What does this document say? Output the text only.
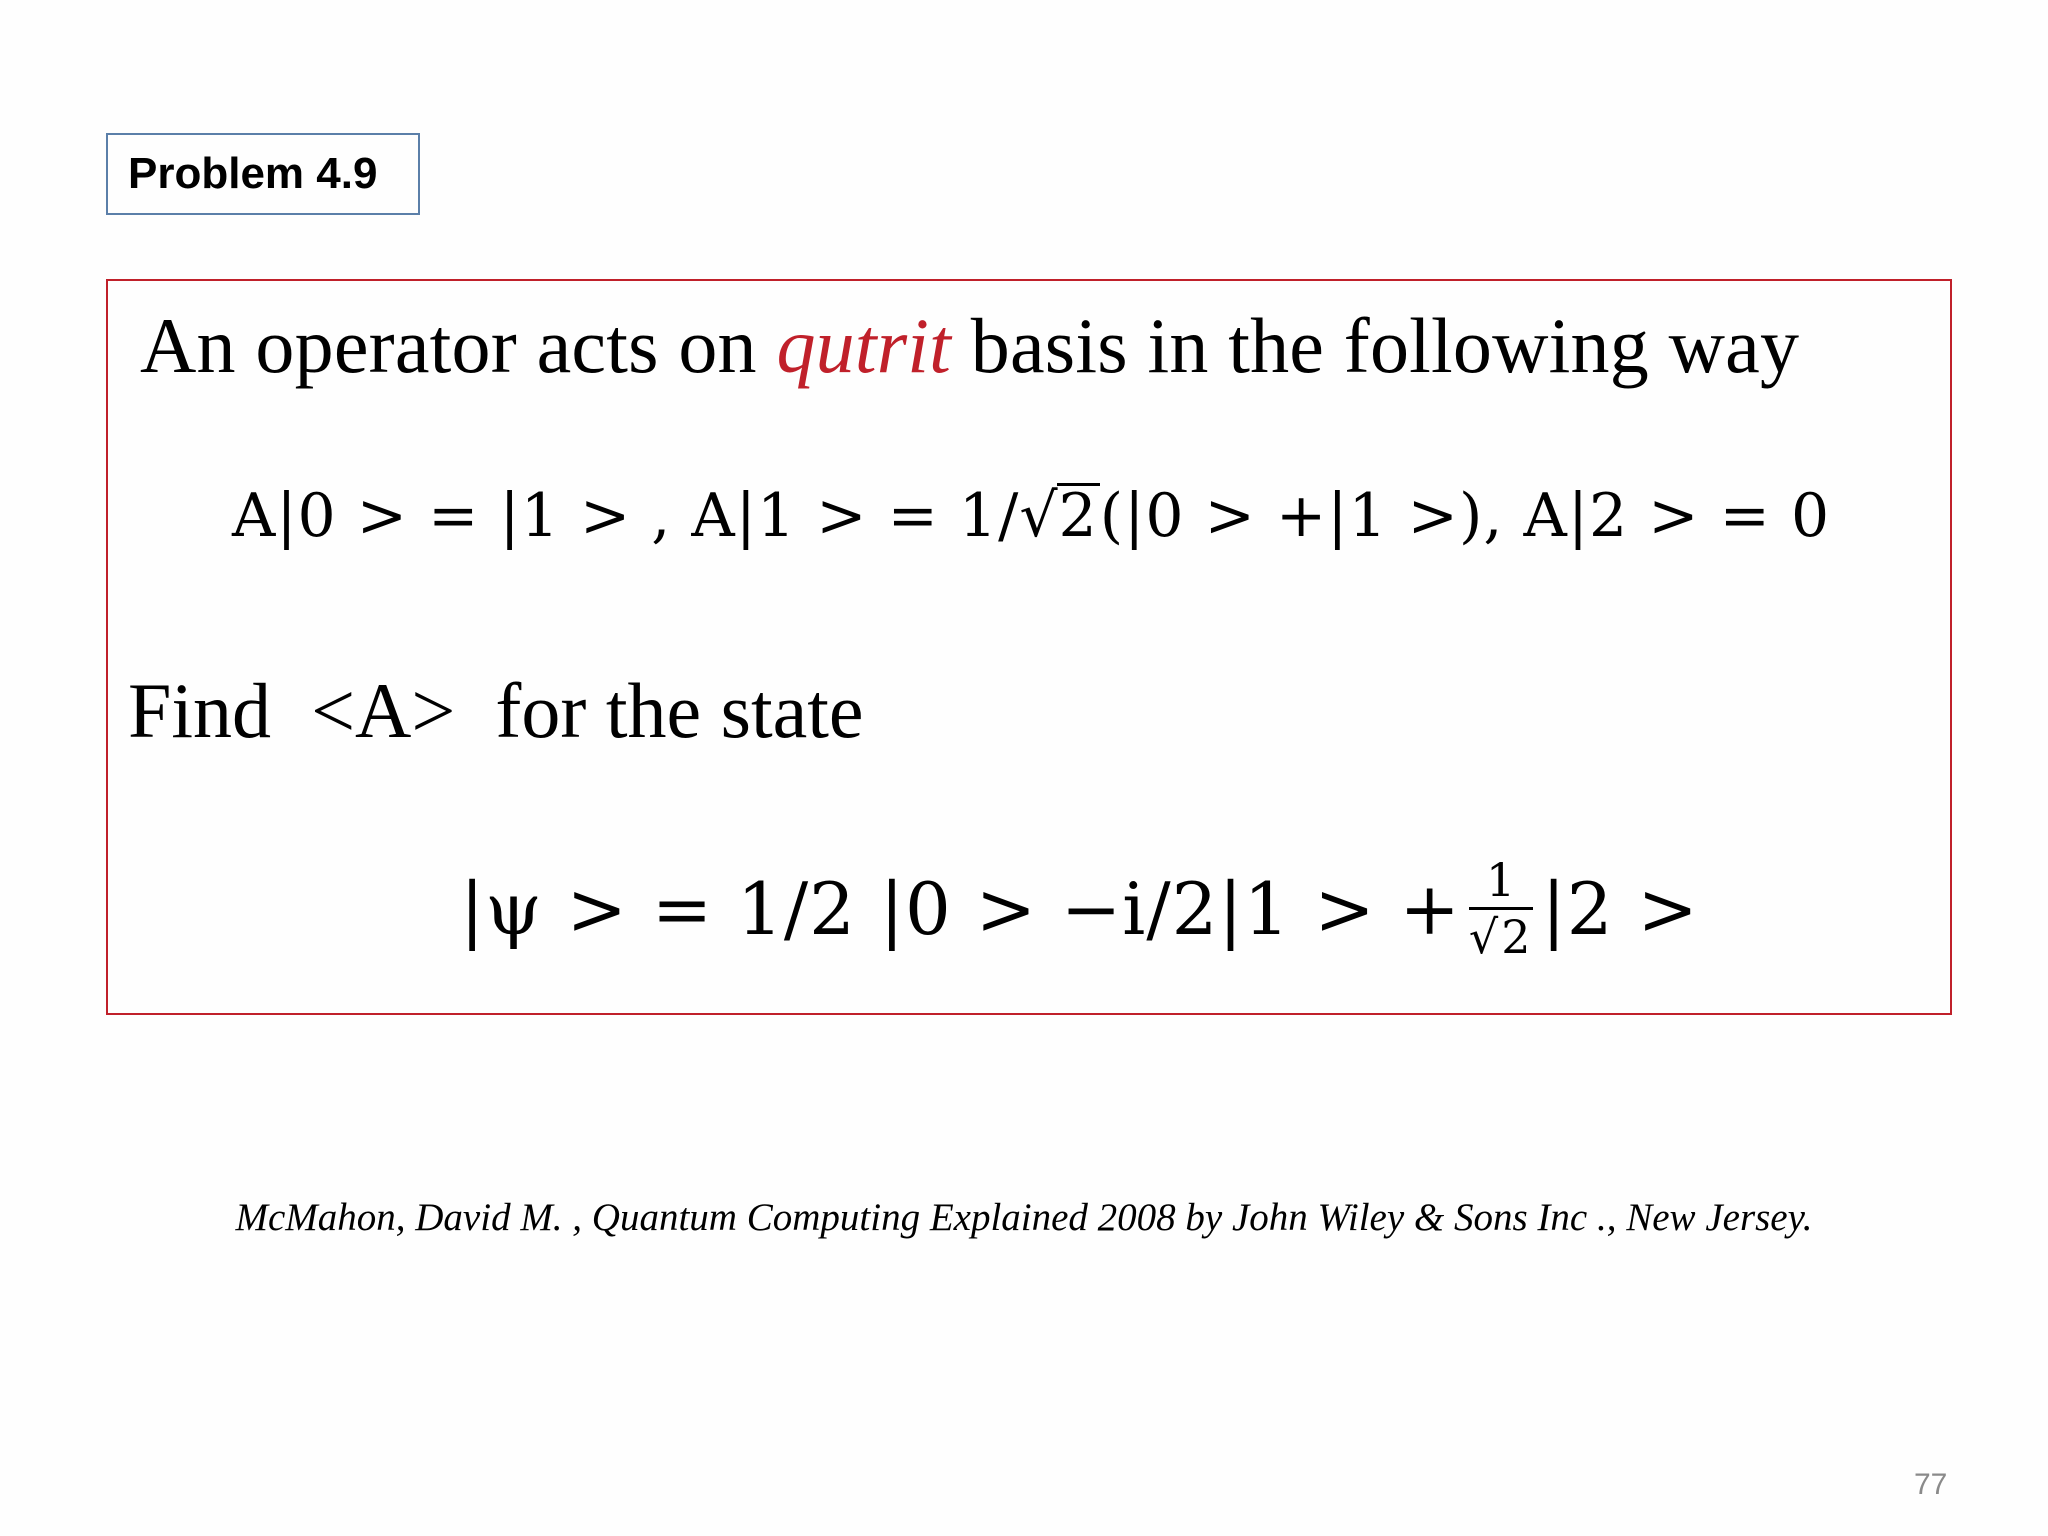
Problem 4.9
An operator acts on qutrit basis in the following way
A|0 > = |1 > , A|1 > = 1/√2(|0 > +|1 >), A|2 > = 0
Find <A> for the state
|ψ > = 1/2 |0 > −i/2|1 > + $\frac{1}{√2} |2$ >
McMahon, David M. , Quantum Computing Explained 2008 by John Wiley & Sons Inc ., New Jersey.
77
